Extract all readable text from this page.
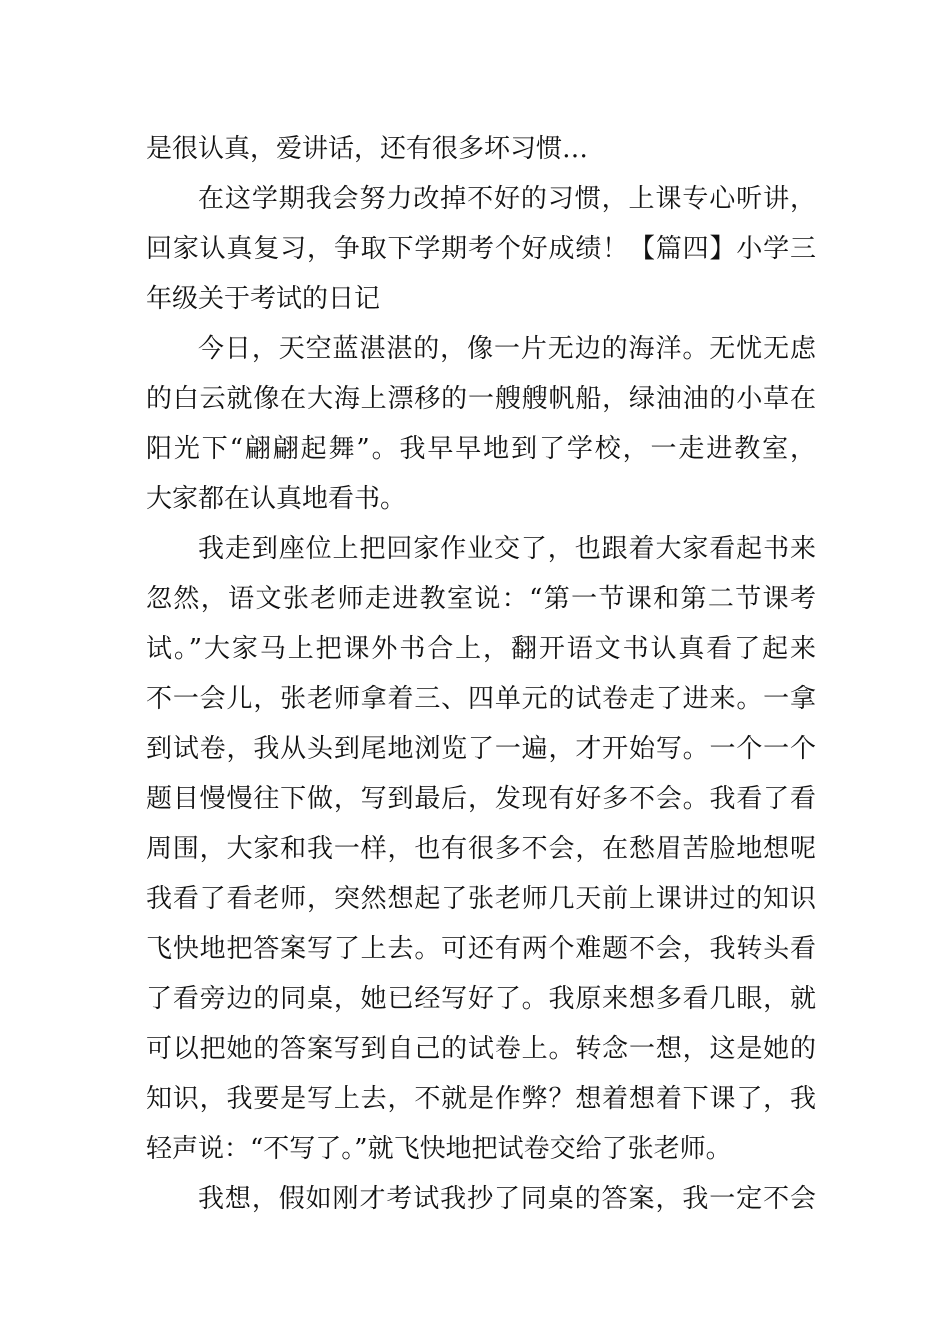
是很认真，爱讲话，还有很多坏习惯…
在这学期我会努力改掉不好的习惯，上课专心听讲，
回家认真复习，争取下学期考个好成绩！【篇四】小学三
年级关于考试的日记
今日，天空蓝湛湛的，像一片无边的海洋。无忧无虑
的白云就像在大海上漂移的一艘艘帆船，绿油油的小草在
阳光下“翩翩起舞”。我早早地到了学校，一走进教室，
大家都在认真地看书。
我走到座位上把回家作业交了，也跟着大家看起书来
忽然，语文张老师走进教室说：“第一节课和第二节课考
试。”大家马上把课外书合上，翻开语文书认真看了起来
不一会儿，张老师拿着三、四单元的试卷走了进来。一拿
到试卷，我从头到尾地浏览了一遍，才开始写。一个一个
题目慢慢往下做，写到最后，发现有好多不会。我看了看
周围，大家和我一样，也有很多不会，在愁眉苦脸地想呢
我看了看老师，突然想起了张老师几天前上课讲过的知识
飞快地把答案写了上去。可还有两个难题不会，我转头看
了看旁边的同桌，她已经写好了。我原来想多看几眼，就
可以把她的答案写到自己的试卷上。转念一想，这是她的
知识，我要是写上去，不就是作弊？想着想着下课了，我
轻声说：“不写了。”就飞快地把试卷交给了张老师。
我想，假如刚才考试我抄了同桌的答案，我一定不会
